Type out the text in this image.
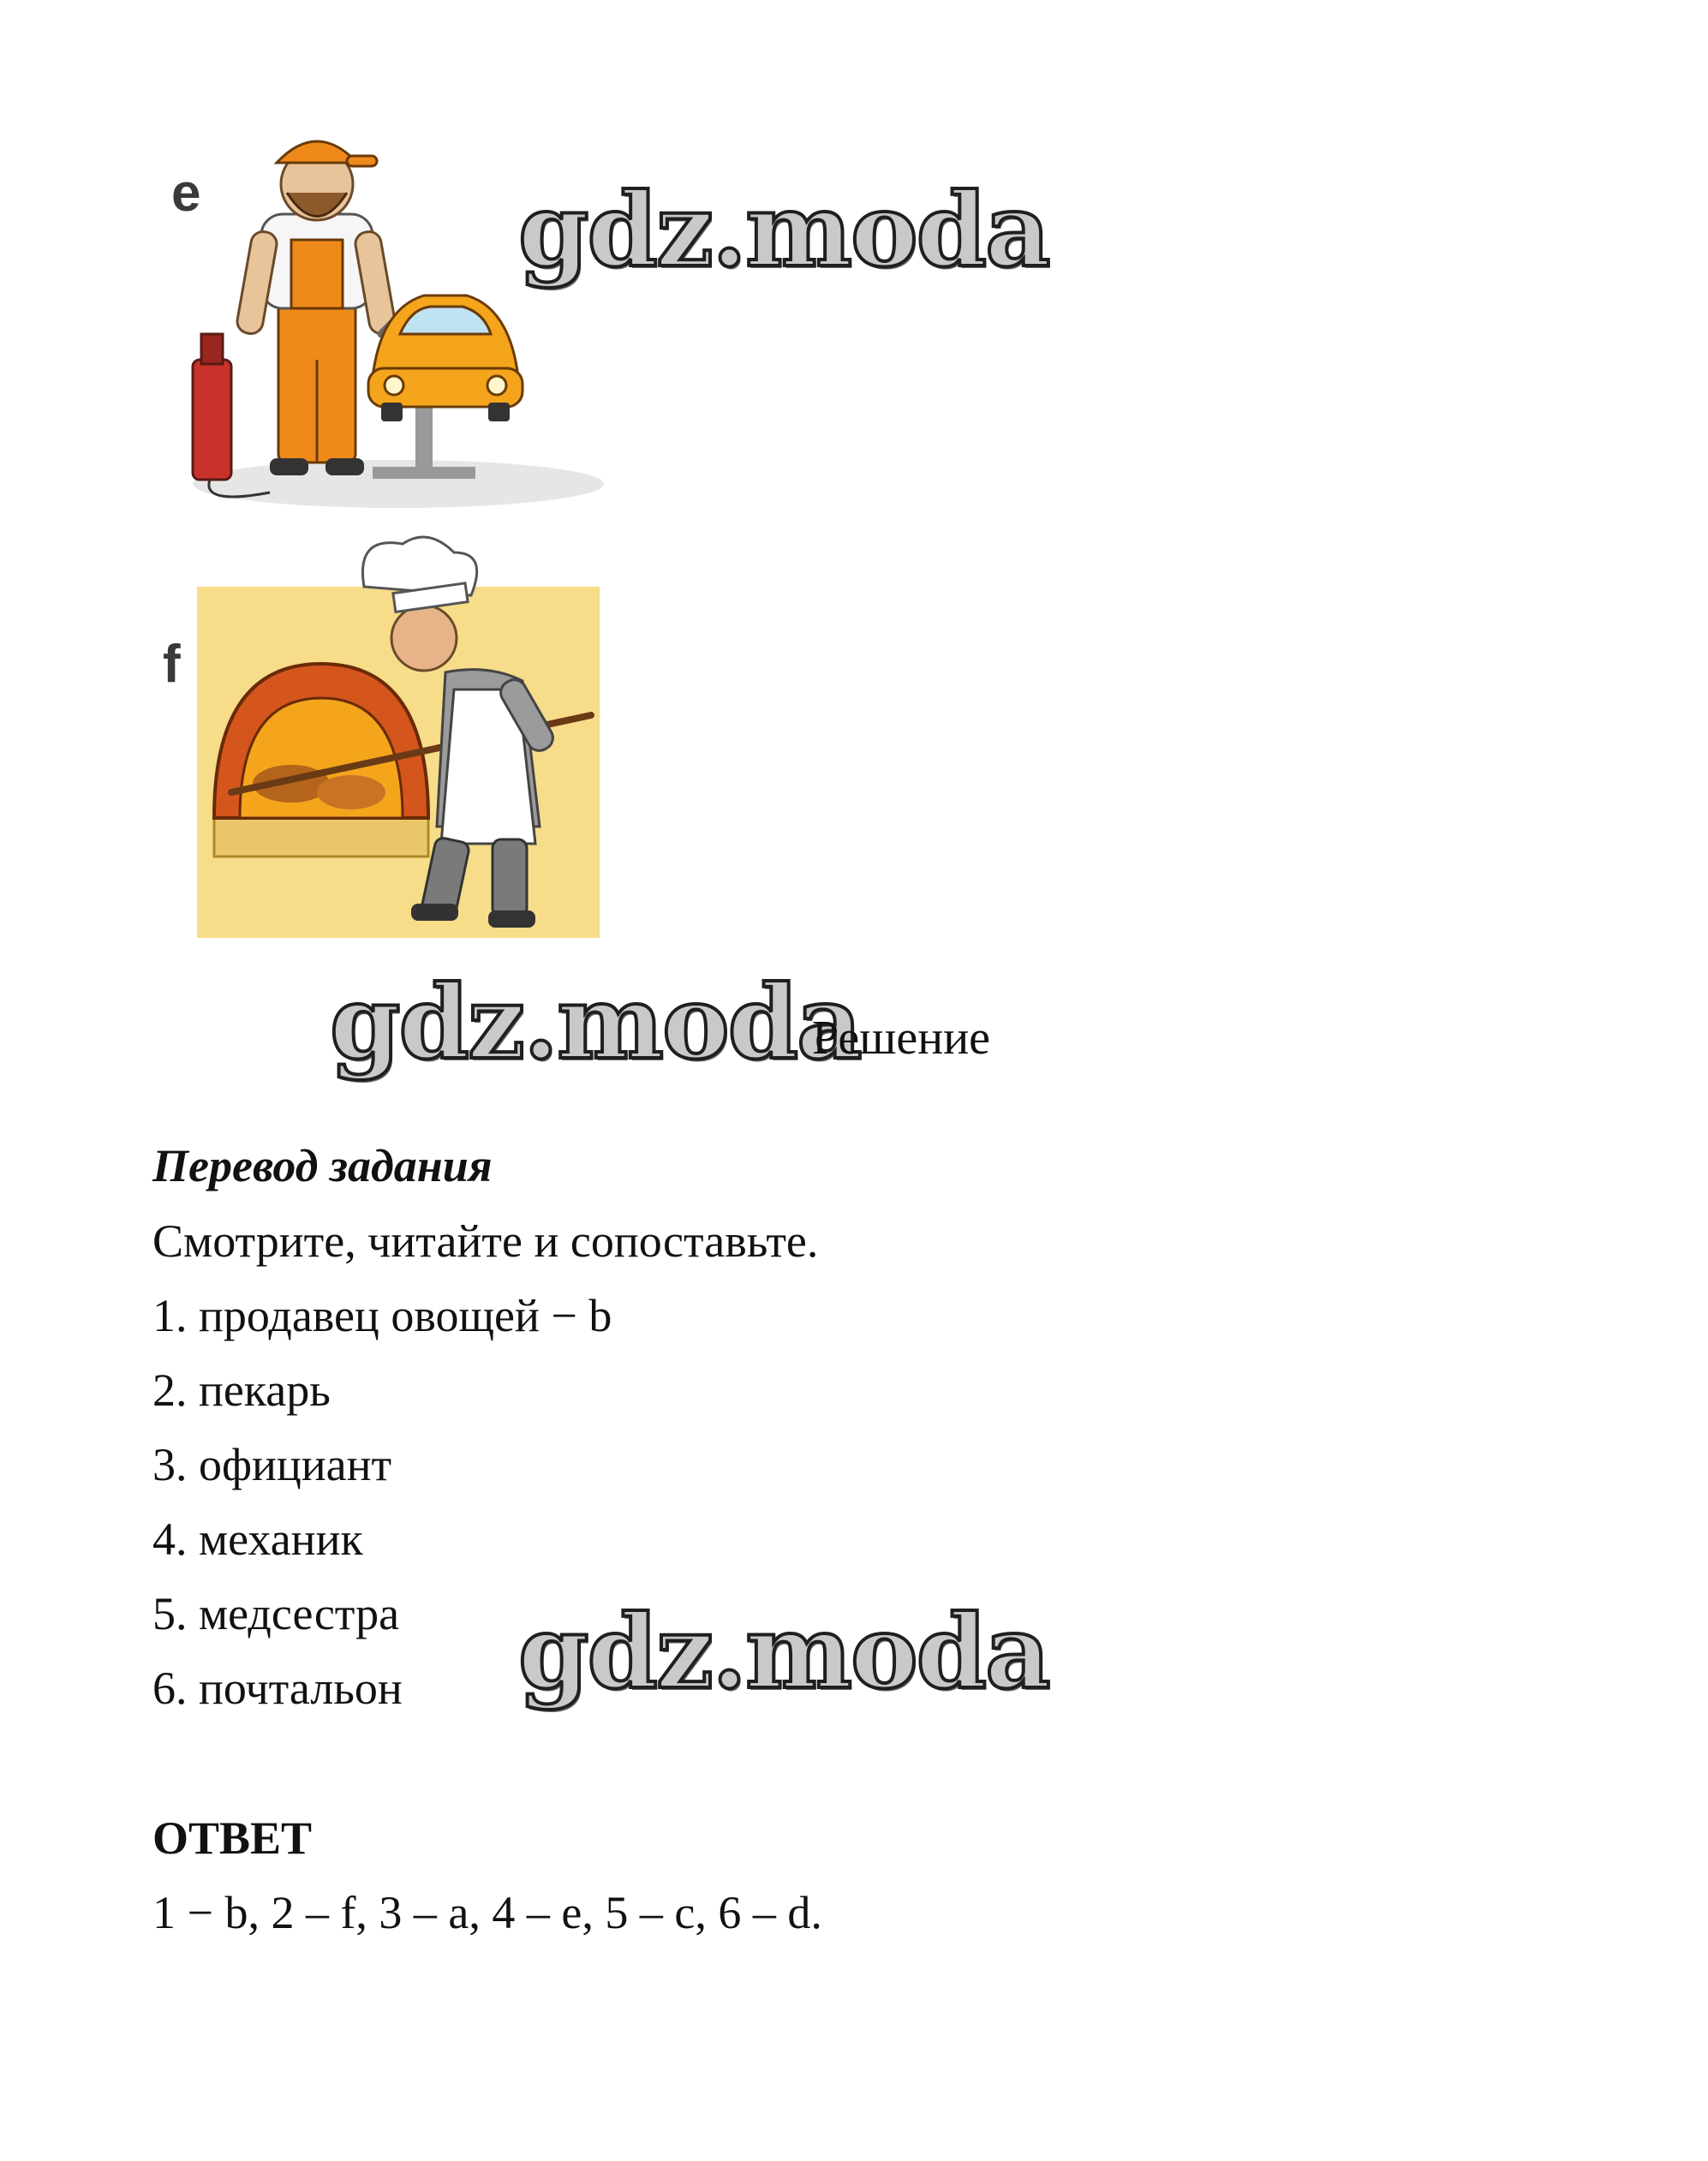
e	gdz.moda
f
gdz.moda
Решение
Перевод задания
Смотрите, читайте и сопоставьте.
1. продавец овощей − b
2. пекарь
3. официант
4. механик
5. медсестра
6. почтальон gdz.moda
ОТВЕТ
1 − b, 2 – f, 3 – a, 4 – e, 5 – c, 6 – d.
